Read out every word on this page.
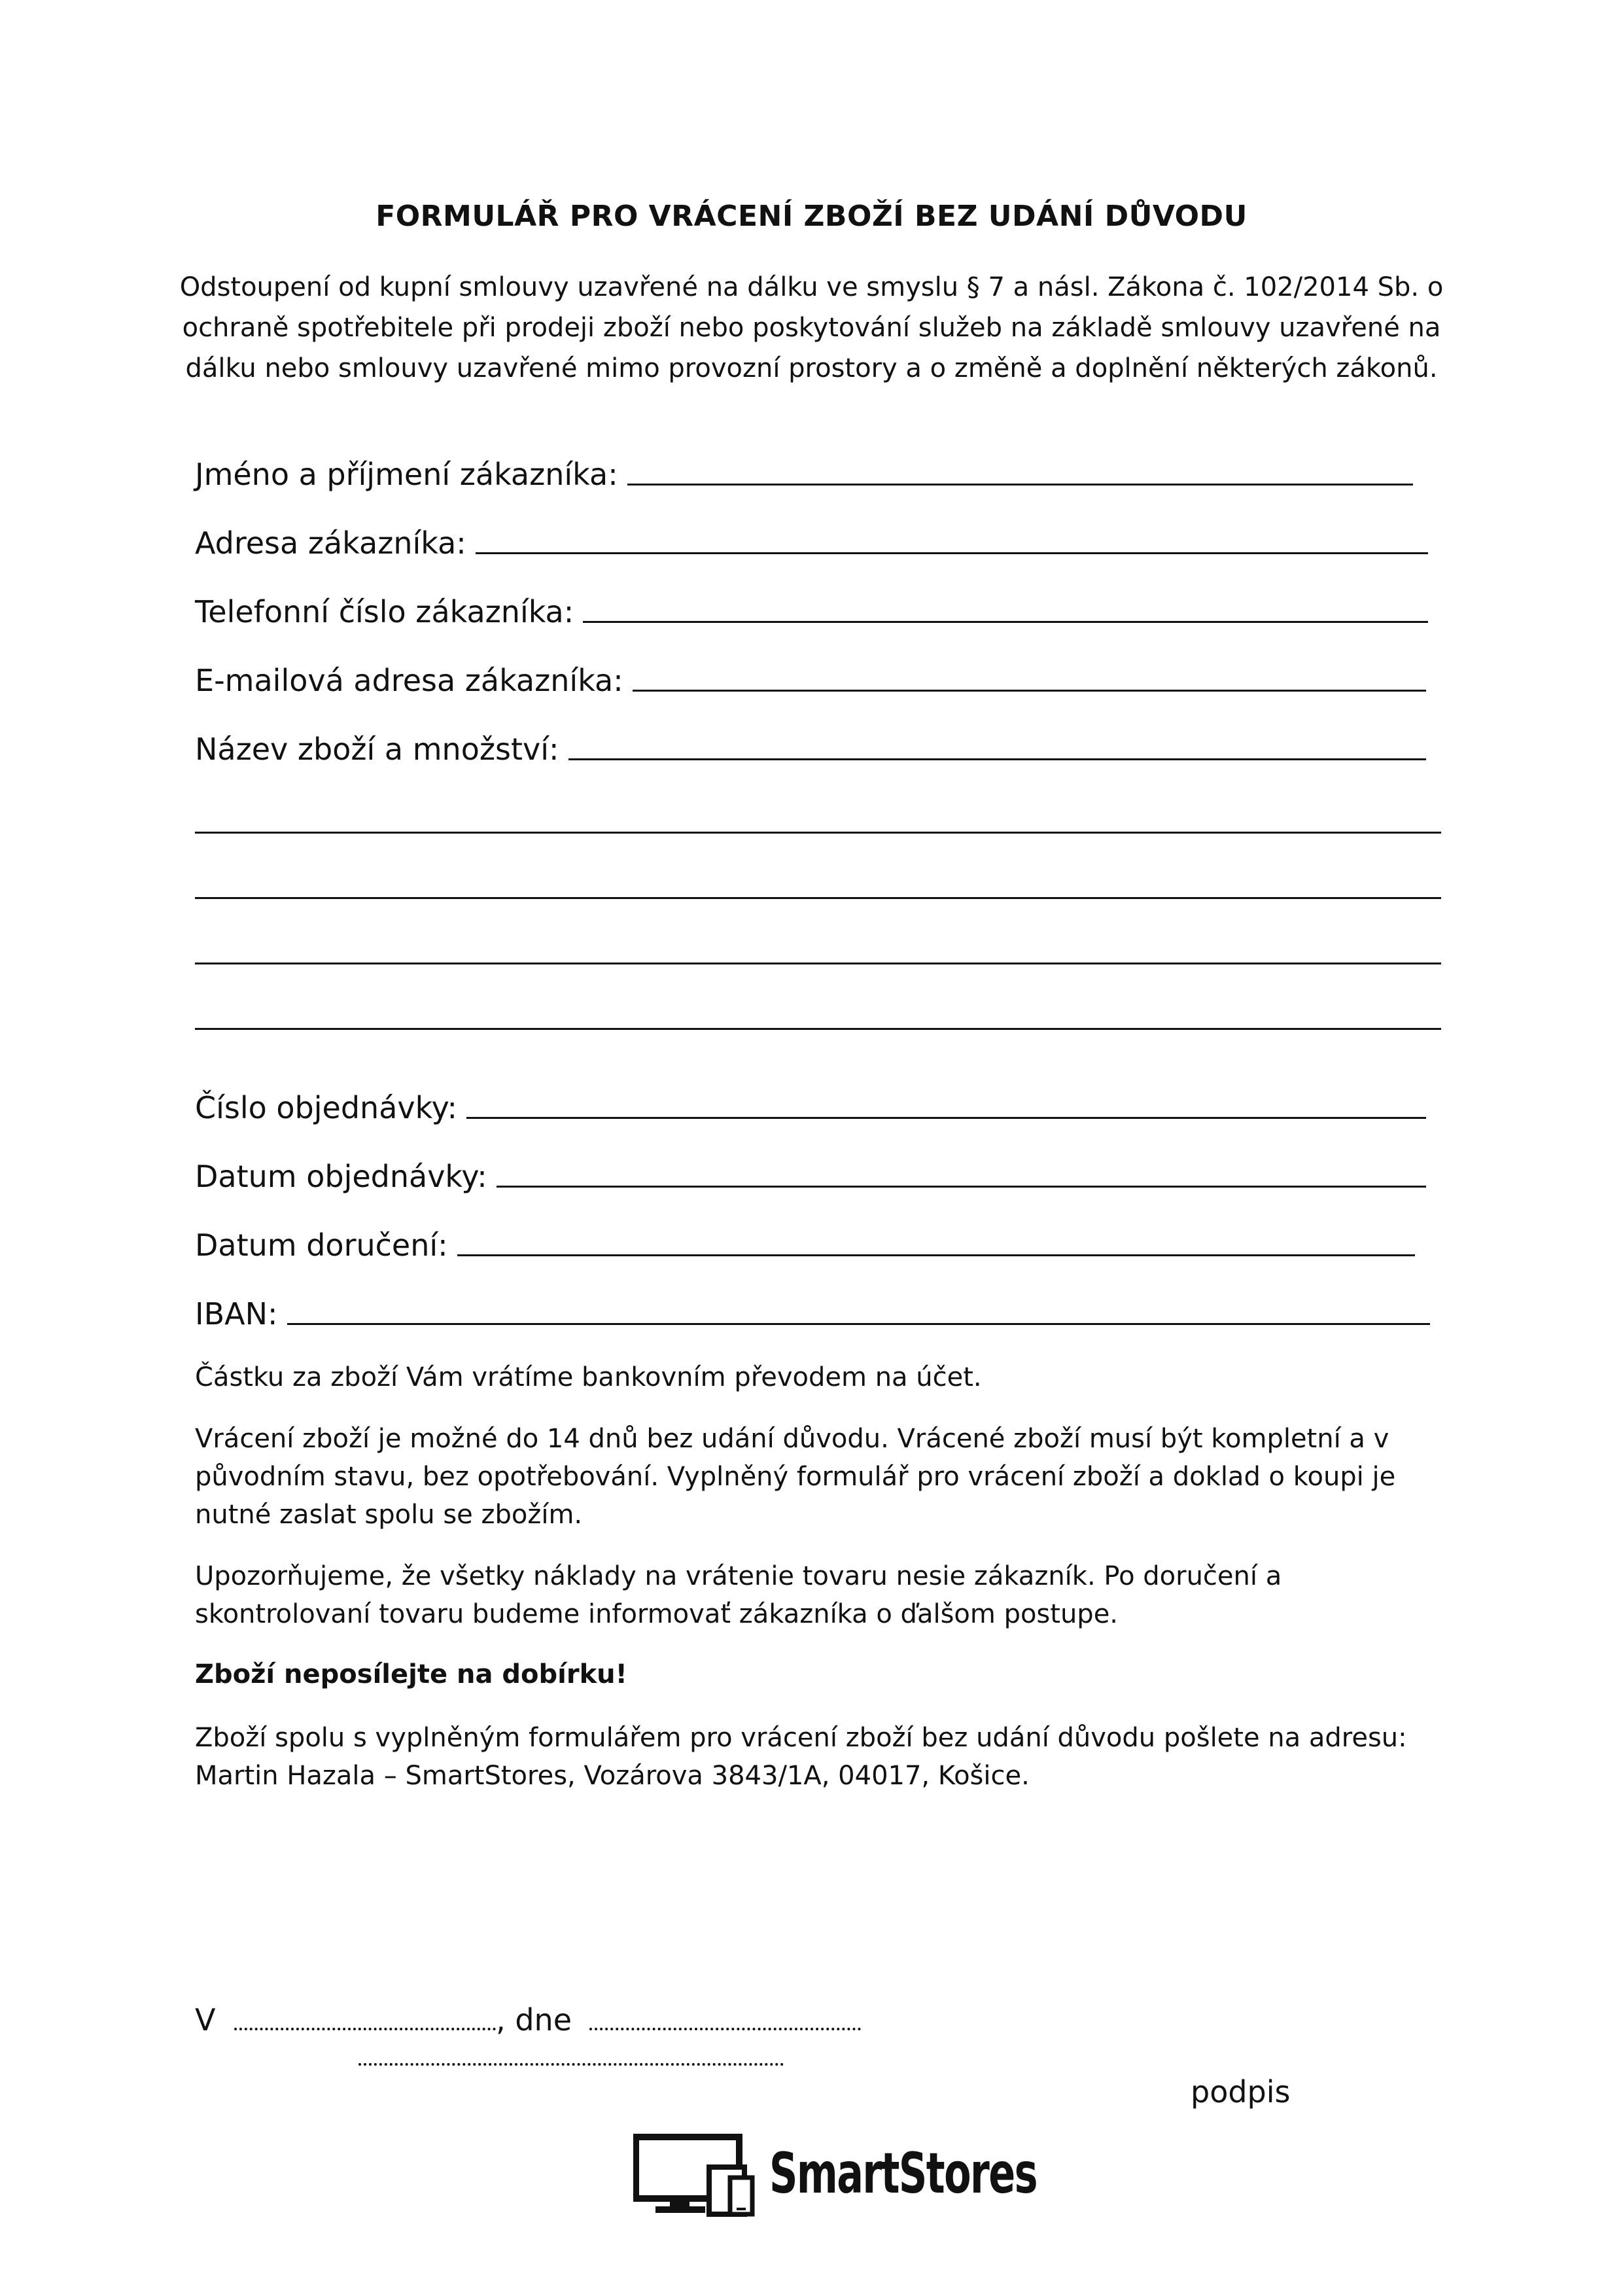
FORMULÁŘ PRO VRÁCENÍ ZBOŽÍ BEZ UDÁNÍ DŮVODU
Odstoupení od kupní smlouvy uzavřené na dálku ve smyslu § 7 a násl. Zákona č. 102/2014 Sb. o ochraně spotřebitele při prodeji zboží nebo poskytování služeb na základě smlouvy uzavřené na dálku nebo smlouvy uzavřené mimo provozní prostory a o změně a doplnění některých zákonů.
Jméno a příjmení zákazníka:
Adresa zákazníka:
Telefonní číslo zákazníka:
E-mailová adresa zákazníka:
Název zboží a množství:
Číslo objednávky:
Datum objednávky:
Datum doručení:
IBAN:
Částku za zboží Vám vrátíme bankovním převodem na účet.
Vrácení zboží je možné do 14 dnů bez udání důvodu. Vrácené zboží musí být kompletní a v původním stavu, bez opotřebování. Vyplněný formulář pro vrácení zboží a doklad o koupi je nutné zaslat spolu se zbožím.
Upozorňujeme, že všetky náklady na vrátenie tovaru nesie zákazník. Po doručení a skontrolovaní tovaru budeme informovať zákazníka o ďalšom postupe.
Zboží neposílejte na dobírku!
Zboží spolu s vyplněným formulářem pro vrácení zboží bez udání důvodu pošlete na adresu: Martin Hazala – SmartStores, Vozárova 3843/1A, 04017, Košice.
V	, dne
podpis
SmartStores
